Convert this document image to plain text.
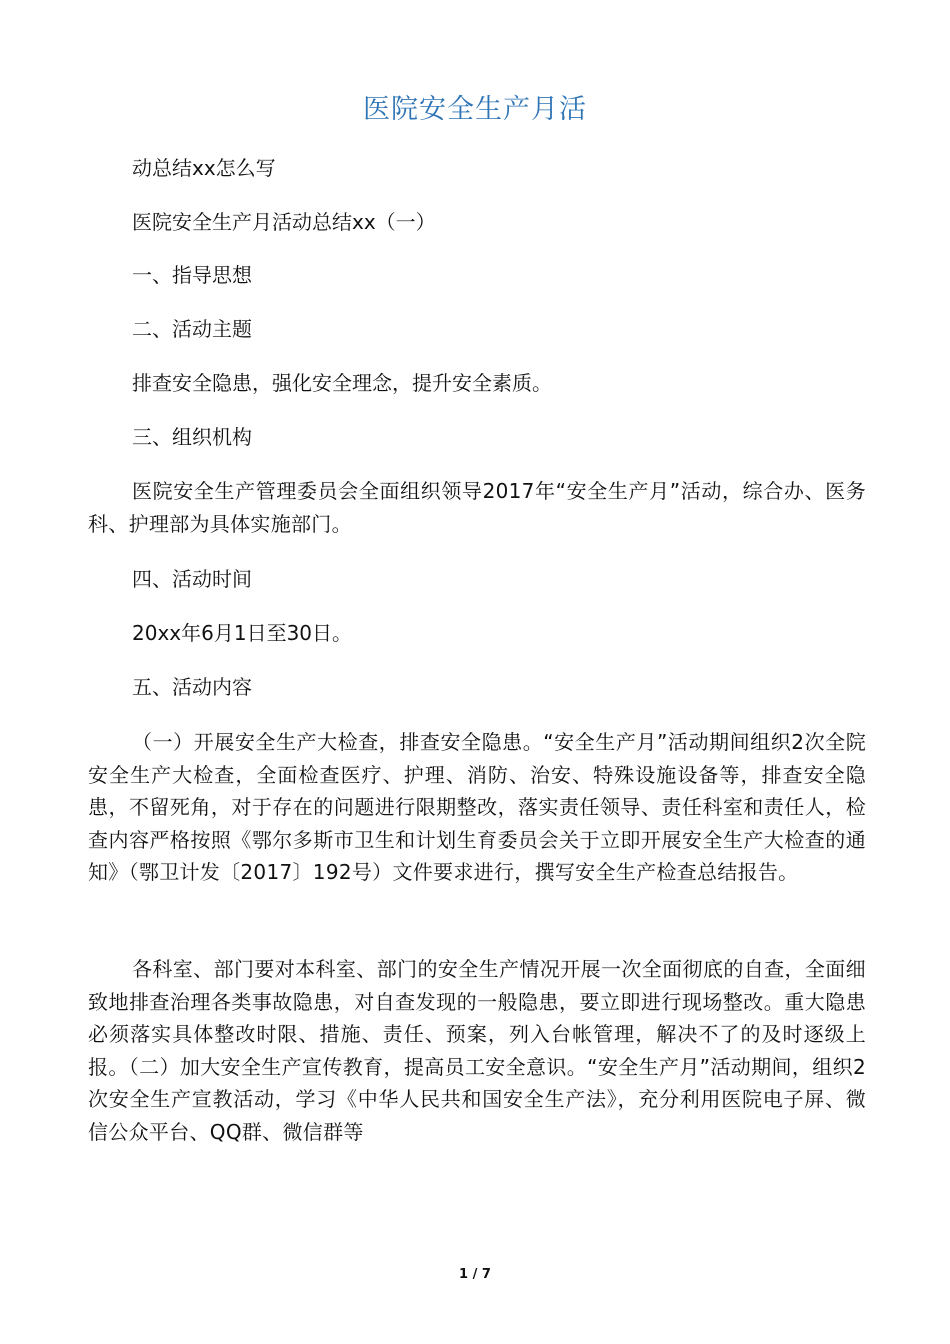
医院安全生产月活

动总结xx怎么写

医院安全生产月活动总结xx（一）

一、指导思想

二、活动主题

排查安全隐患，强化安全理念，提升安全素质。

三、组织机构

医院安全生产管理委员会全面组织领导2017年“安全生产月”活动，综合办、医务科、护理部为具体实施部门。

四、活动时间

20xx年6月1日至30日。

五、活动内容

（一）开展安全生产大检查，排查安全隐患。“安全生产月”活动期间组织2次全院安全生产大检查，全面检查医疗、护理、消防、治安、特殊设施设备等，排查安全隐患，不留死角，对于存在的问题进行限期整改，落实责任领导、责任科室和责任人，检查内容严格按照《鄂尔多斯市卫生和计划生育委员会关于立即开展安全生产大检查的通知》（鄂卫计发〔2017〕192号）文件要求进行，撰写安全生产检查总结报告。

各科室、部门要对本科室、部门的安全生产情况开展一次全面彻底的自查，全面细致地排查治理各类事故隐患，对自查发现的一般隐患，要立即进行现场整改。重大隐患必须落实具体整改时限、措施、责任、预案，列入台帐管理，解决不了的及时逐级上报。（二）加大安全生产宣传教育，提高员工安全意识。“安全生产月”活动期间，组织2次安全生产宣教活动，学习《中华人民共和国安全生产法》，充分利用医院电子屏、微信公众平台、QQ群、微信群等

1 / 7
